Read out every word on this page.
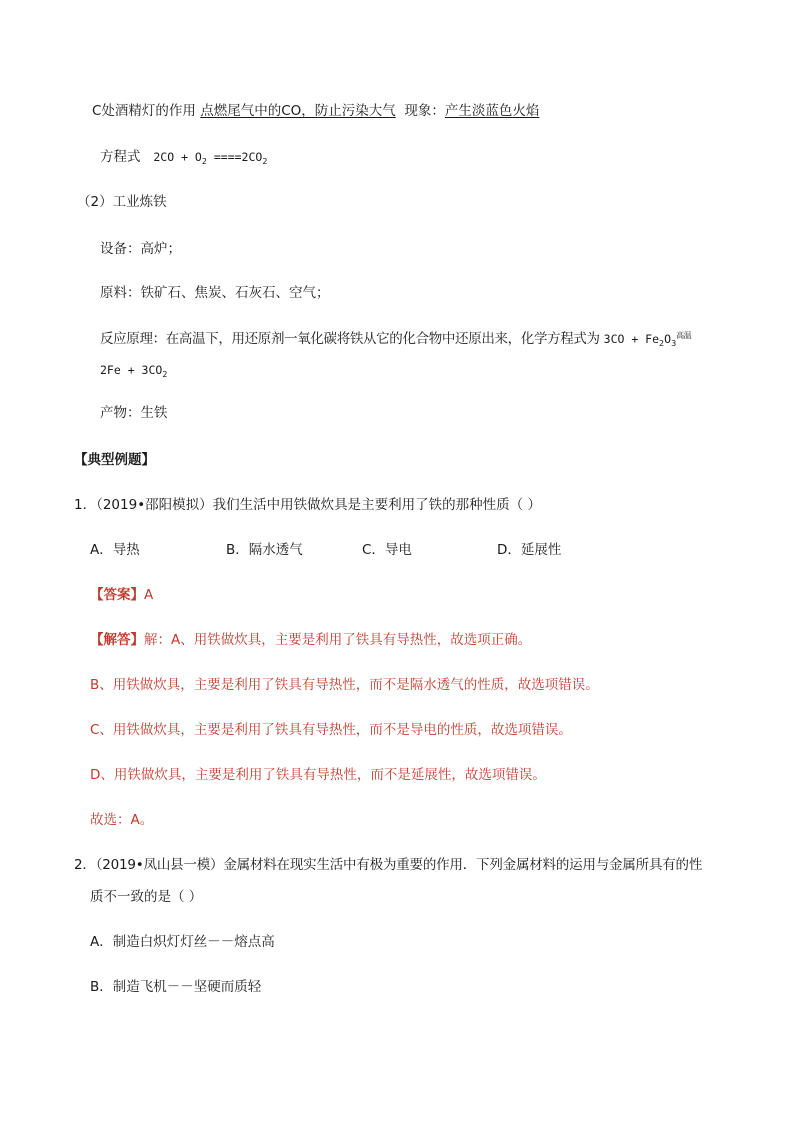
C处酒精灯的作用 点燃尾气中的CO，防止污染大气  现象：产生淡蓝色火焰
方程式   $2CO + O_2 ====2CO_2$
（2）工业炼铁
设备：高炉；
原料：铁矿石、焦炭、石灰石、空气；
反应原理：在高温下，用还原剂一氧化碳将铁从它的化合物中还原出来，化学方程式为 $3CO + Fe_2O_3^{高温}$
$2Fe + 3CO_2$
产物：生铁
【典型例题】
1．（2019•邵阳模拟）我们生活中用铁做炊具是主要利用了铁的那种性质（ ）
A．导热	B．隔水透气	C．导电	D．延展性
【答案】A
【解答】解：A、用铁做炊具，主要是利用了铁具有导热性，故选项正确。
B、用铁做炊具，主要是利用了铁具有导热性，而不是隔水透气的性质，故选项错误。
C、用铁做炊具，主要是利用了铁具有导热性，而不是导电的性质，故选项错误。
D、用铁做炊具，主要是利用了铁具有导热性，而不是延展性，故选项错误。
故选：A。
2．（2019•凤山县一模）金属材料在现实生活中有极为重要的作用．下列金属材料的运用与金属所具有的性
质不一致的是（ ）
A．制造白炽灯灯丝－－熔点高
B．制造飞机－－坚硬而质轻
